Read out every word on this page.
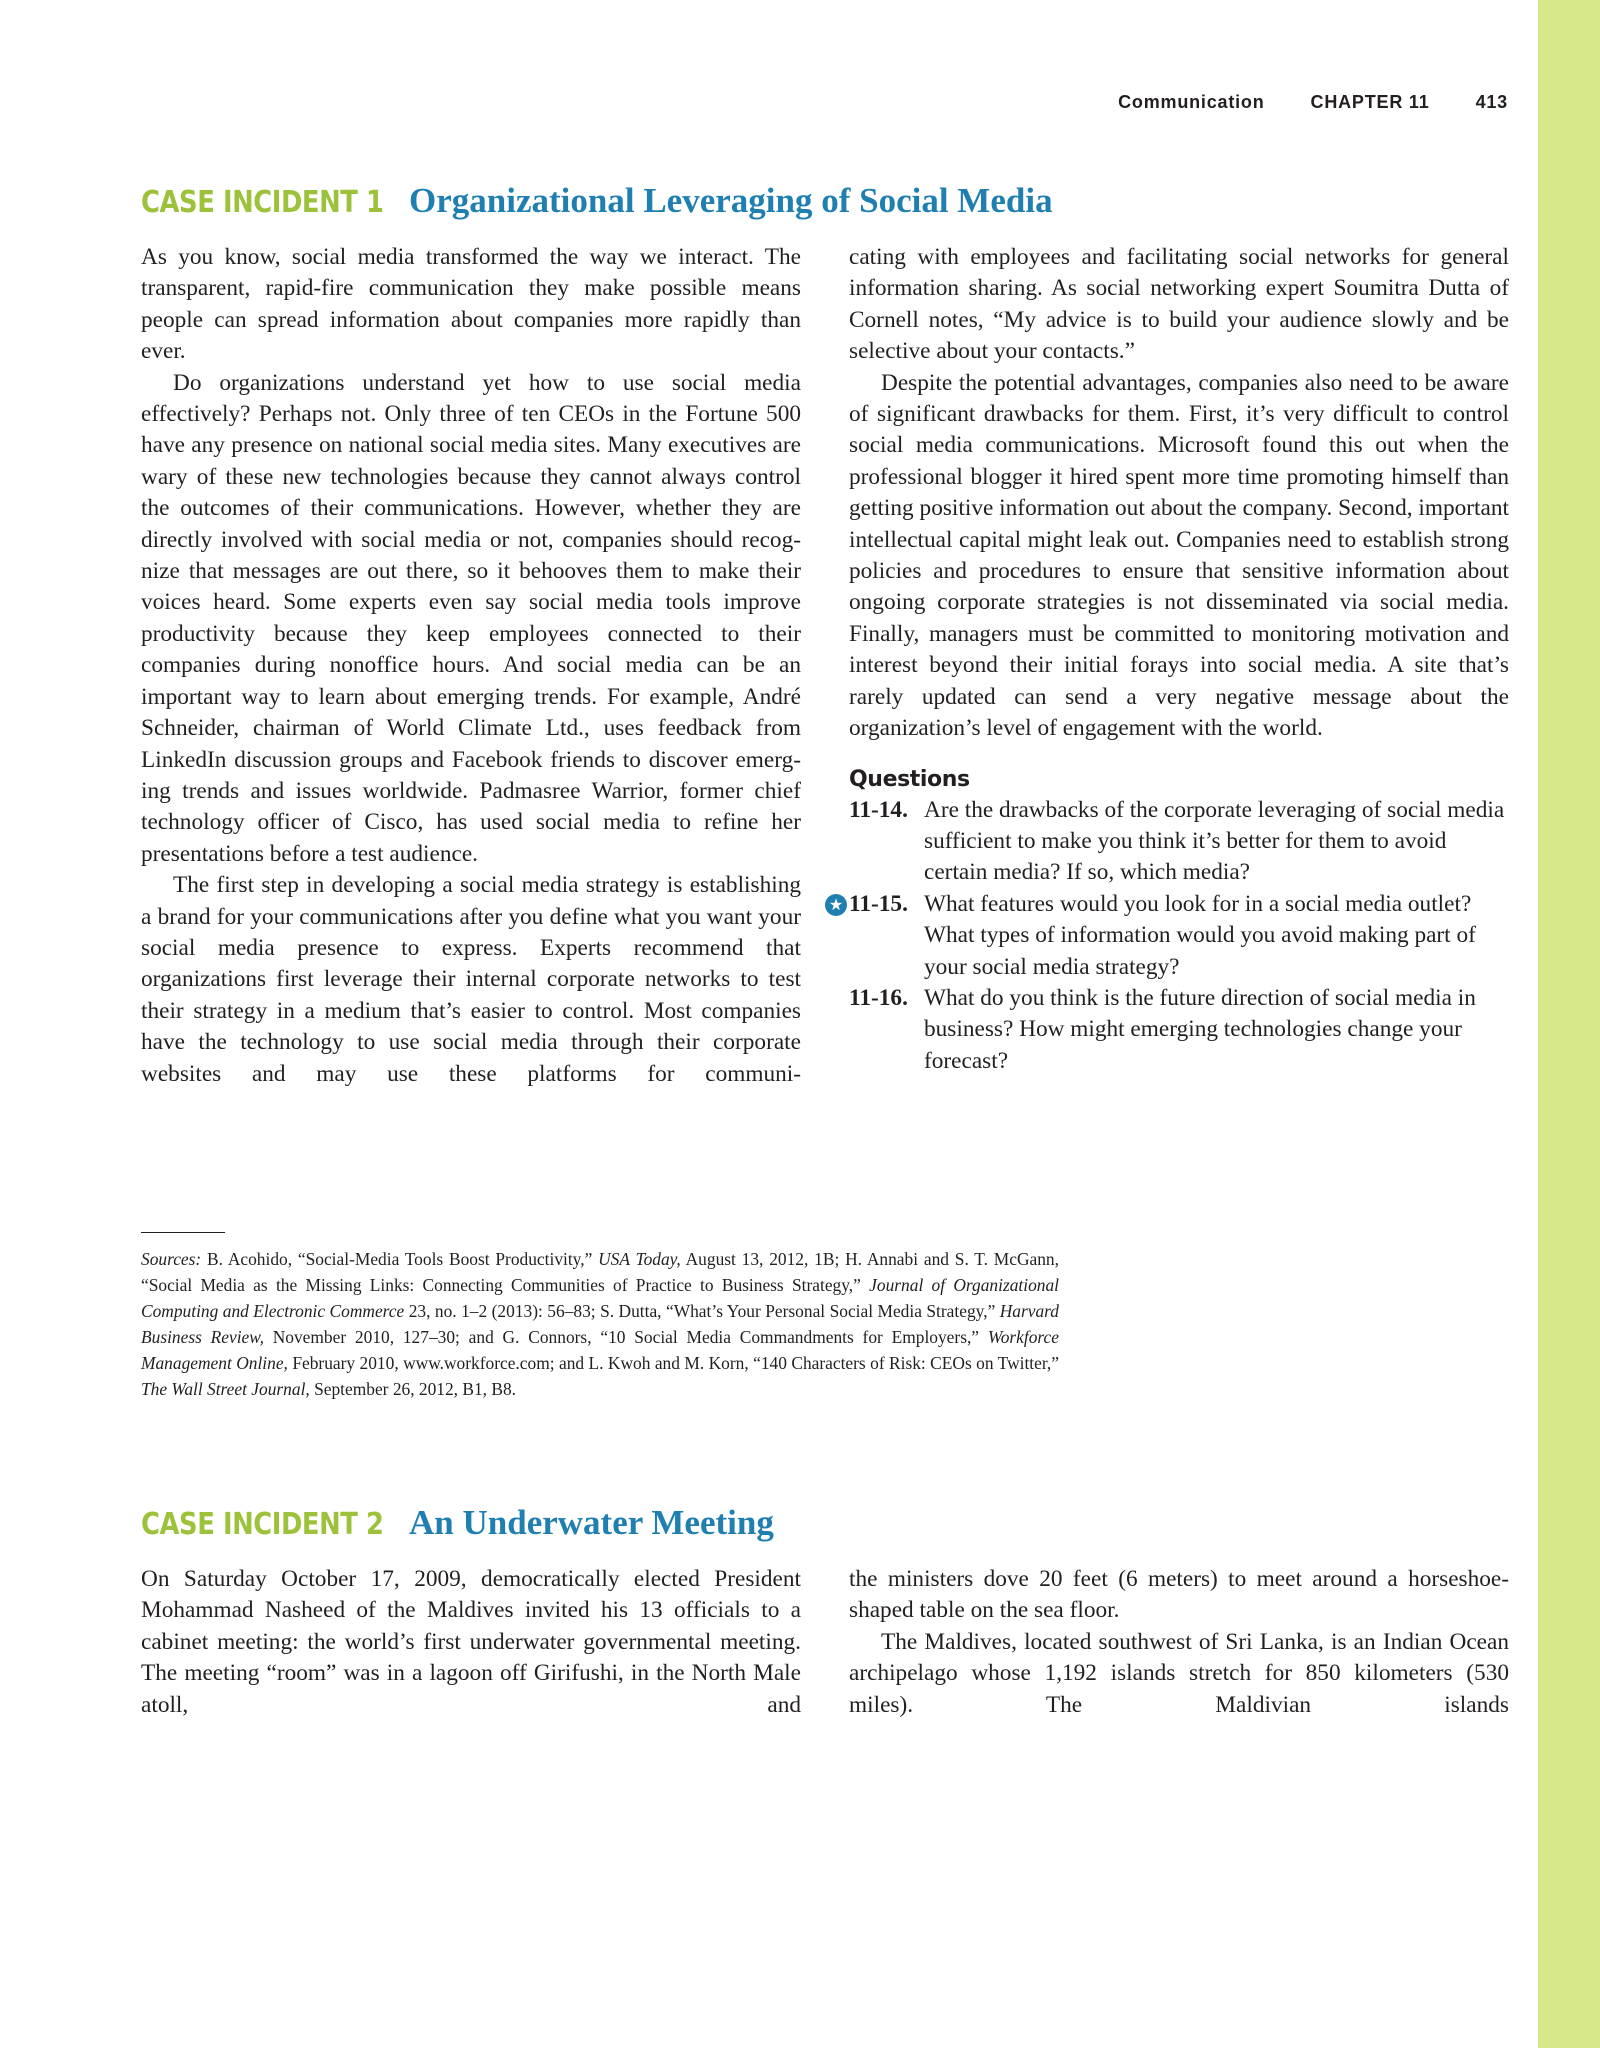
Communication	CHAPTER 11	413
CASE INCIDENT 1 Organizational Leveraging of Social Media

As you know, social media transformed the way we interact. The transparent, rapid-fire communication they make possible means people can spread information about companies more rapidly than ever.

Do organizations understand yet how to use social media effectively? Perhaps not. Only three of ten CEOs in the Fortune 500 have any presence on national social media sites. Many executives are wary of these new technologies because they cannot always control the outcomes of their communications. However, whether they are directly involved with social media or not, companies should recognize that messages are out there, so it behooves them to make their voices heard. Some experts even say social media tools improve productivity because they keep employees connected to their companies during nonoffice hours. And social media can be an important way to learn about emerging trends. For example, André Schneider, chairman of World Climate Ltd., uses feedback from LinkedIn discussion groups and Facebook friends to discover emerging trends and issues worldwide. Padmasree Warrior, former chief technology officer of Cisco, has used social media to refine her presentations before a test audience.

The first step in developing a social media strategy is establishing a brand for your communications after you define what you want your social media presence to express. Experts recommend that organizations first leverage their internal corporate networks to test their strategy in a medium that’s easier to control. Most companies have the technology to use social media through their corporate websites and may use these platforms for communi-

cating with employees and facilitating social networks for general information sharing. As social networking expert Soumitra Dutta of Cornell notes, “My advice is to build your audience slowly and be selective about your contacts.”

Despite the potential advantages, companies also need to be aware of significant drawbacks for them. First, it’s very difficult to control social media communications. Microsoft found this out when the professional blogger it hired spent more time promoting himself than getting positive information out about the company. Second, important intellectual capital might leak out. Companies need to establish strong policies and procedures to ensure that sensitive information about ongoing corporate strategies is not disseminated via social media. Finally, managers must be committed to monitoring motivation and interest beyond their initial forays into social media. A site that’s rarely updated can send a very negative message about the organization’s level of engagement with the world.

Questions
11-14. Are the drawbacks of the corporate leveraging of social media sufficient to make you think it’s better for them to avoid certain media? If so, which media?
★ 11-15. What features would you look for in a social media outlet? What types of information would you avoid making part of your social media strategy?
11-16. What do you think is the future direction of social media in business? How might emerging technologies change your forecast?
Sources: B. Acohido, “Social-Media Tools Boost Productivity,” USA Today, August 13, 2012, 1B; H. Annabi and S. T. McGann, “Social Media as the Missing Links: Connecting Communities of Practice to Business Strategy,” Journal of Organizational Computing and Electronic Commerce 23, no. 1–2 (2013): 56–83; S. Dutta, “What’s Your Personal Social Media Strategy,” Harvard Business Review, November 2010, 127–30; and G. Connors, “10 Social Media Commandments for Employers,” Workforce Management Online, February 2010, www.workforce.com; and L. Kwoh and M. Korn, “140 Characters of Risk: CEOs on Twitter,” The Wall Street Journal, September 26, 2012, B1, B8.
CASE INCIDENT 2 An Underwater Meeting

On Saturday October 17, 2009, democratically elected President Mohammad Nasheed of the Maldives invited his 13 officials to a cabinet meeting: the world’s first underwater governmental meeting. The meeting “room” was in a lagoon off Girifushi, in the North Male atoll, and

the ministers dove 20 feet (6 meters) to meet around a horseshoe-shaped table on the sea floor.

The Maldives, located southwest of Sri Lanka, is an Indian Ocean archipelago whose 1,192 islands stretch for 850 kilometers (530 miles). The Maldivian islands
